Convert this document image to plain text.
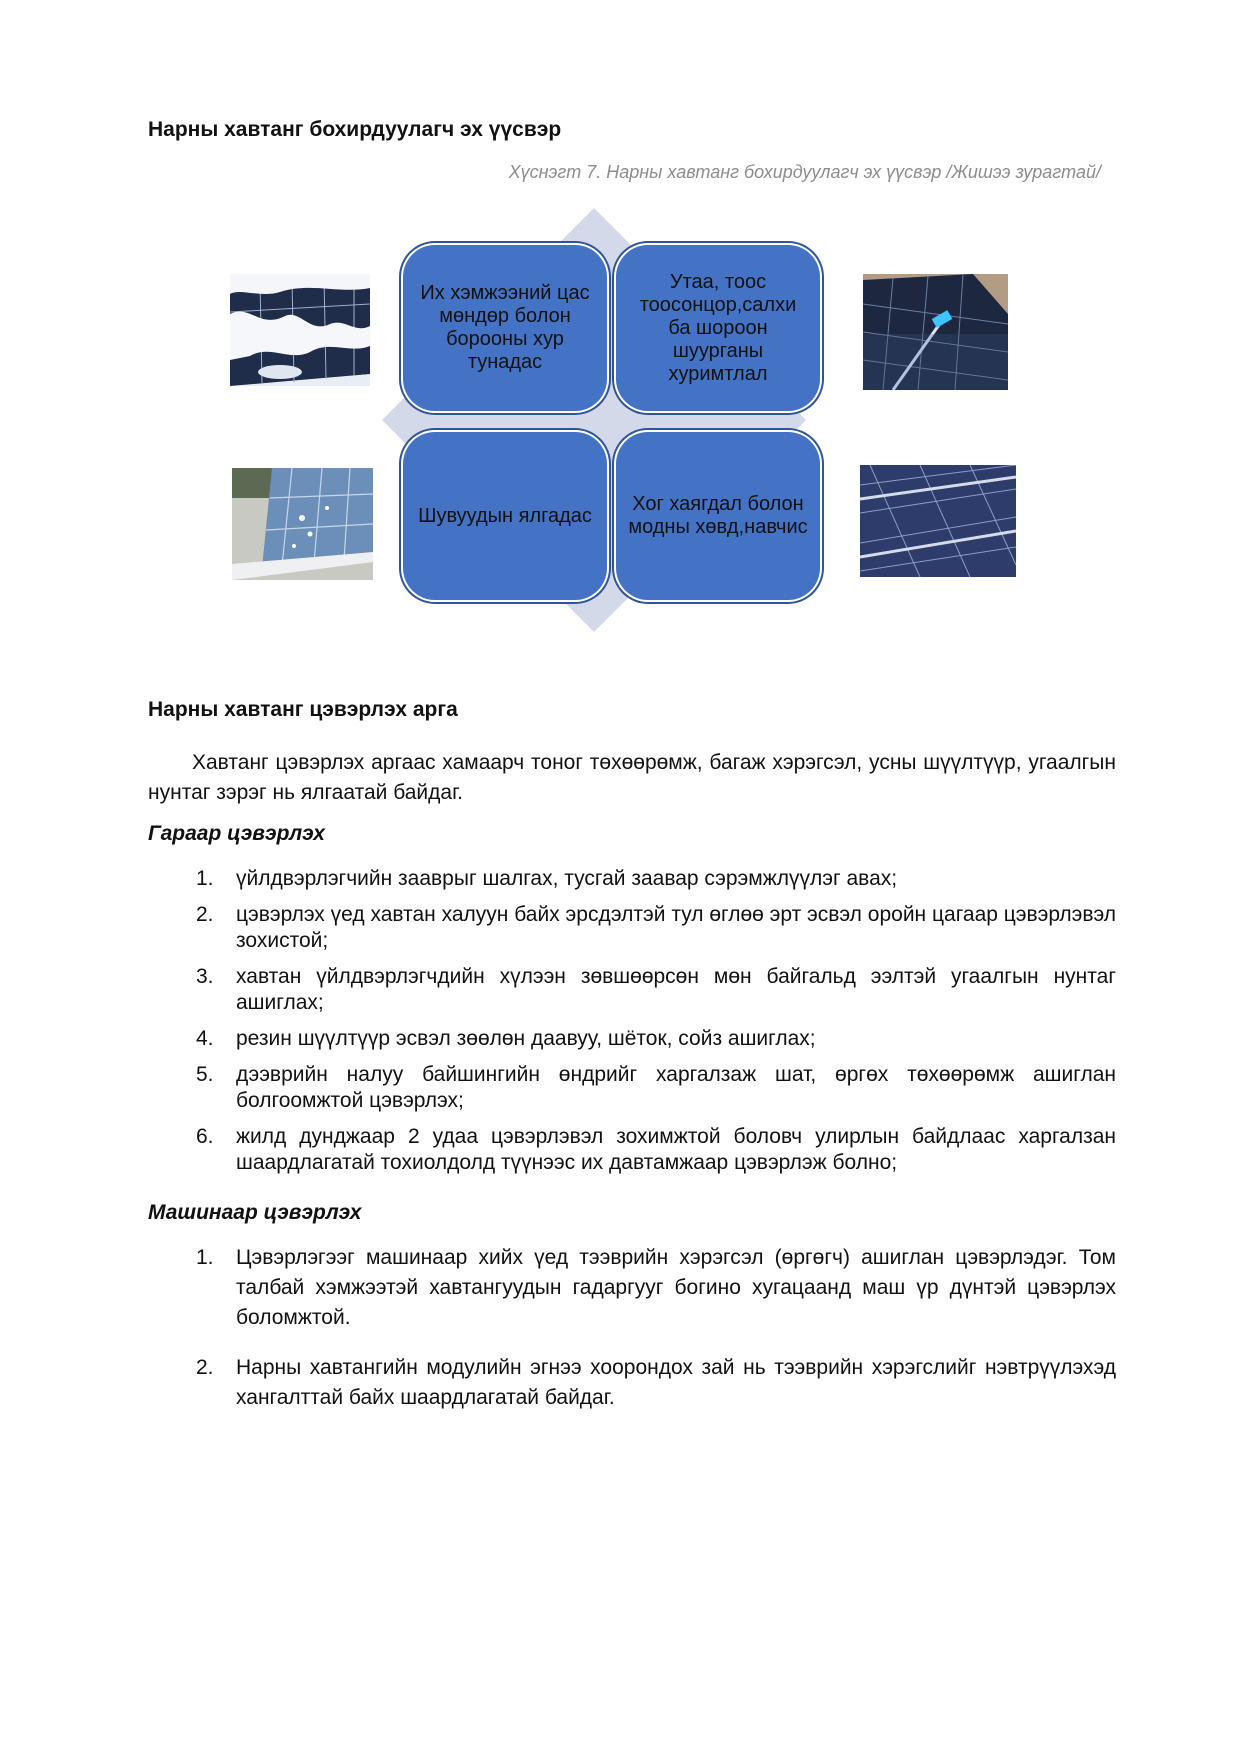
Нарны хавтанг бохирдуулагч эх үүсвэр
Хүснэгт 7. Нарны хавтанг бохирдуулагч эх үүсвэр /Жишээ зурагтай/
Их хэмжээний цас мөндөр болон борооны хур тунадас
Утаа, тоос тоосонцор,салхи ба шороон шуурганы хуримтлал
Шувуудын ялгадас
Хог хаягдал болон модны хөвд,навчис
Нарны хавтанг цэвэрлэх арга
Хавтанг цэвэрлэх аргаас хамаарч тоног төхөөрөмж, багаж хэрэгсэл, усны шүүлтүүр, угаалгын нунтаг зэрэг нь ялгаатай байдаг.
Гараар цэвэрлэх
1. үйлдвэрлэгчийн зааврыг шалгах, тусгай заавар сэрэмжлүүлэг авах;
2. цэвэрлэх үед хавтан халуун байх эрсдэлтэй тул өглөө эрт эсвэл оройн цагаар цэвэрлэвэл зохистой;
3. хавтан үйлдвэрлэгчдийн хүлээн зөвшөөрсөн мөн байгальд ээлтэй угаалгын нунтаг ашиглах;
4. резин шүүлтүүр эсвэл зөөлөн даавуу, шёток, сойз ашиглах;
5. дээврийн налуу байшингийн өндрийг харгалзаж шат, өргөх төхөөрөмж ашиглан болгоомжтой цэвэрлэх;
6. жилд дунджаар 2 удаа цэвэрлэвэл зохимжтой боловч улирлын байдлаас харгалзан шаардлагатай тохиолдолд түүнээс их давтамжаар цэвэрлэж болно;
Машинаар цэвэрлэх
1. Цэвэрлэгээг машинаар хийх үед тээврийн хэрэгсэл (өргөгч) ашиглан цэвэрлэдэг. Том талбай хэмжээтэй хавтангуудын гадаргууг богино хугацаанд маш үр дүнтэй цэвэрлэх боломжтой.
2. Нарны хавтангийн модулийн эгнээ хоорондох зай нь тээврийн хэрэгслийг нэвтрүүлэхэд хангалттай байх шаардлагатай байдаг.
